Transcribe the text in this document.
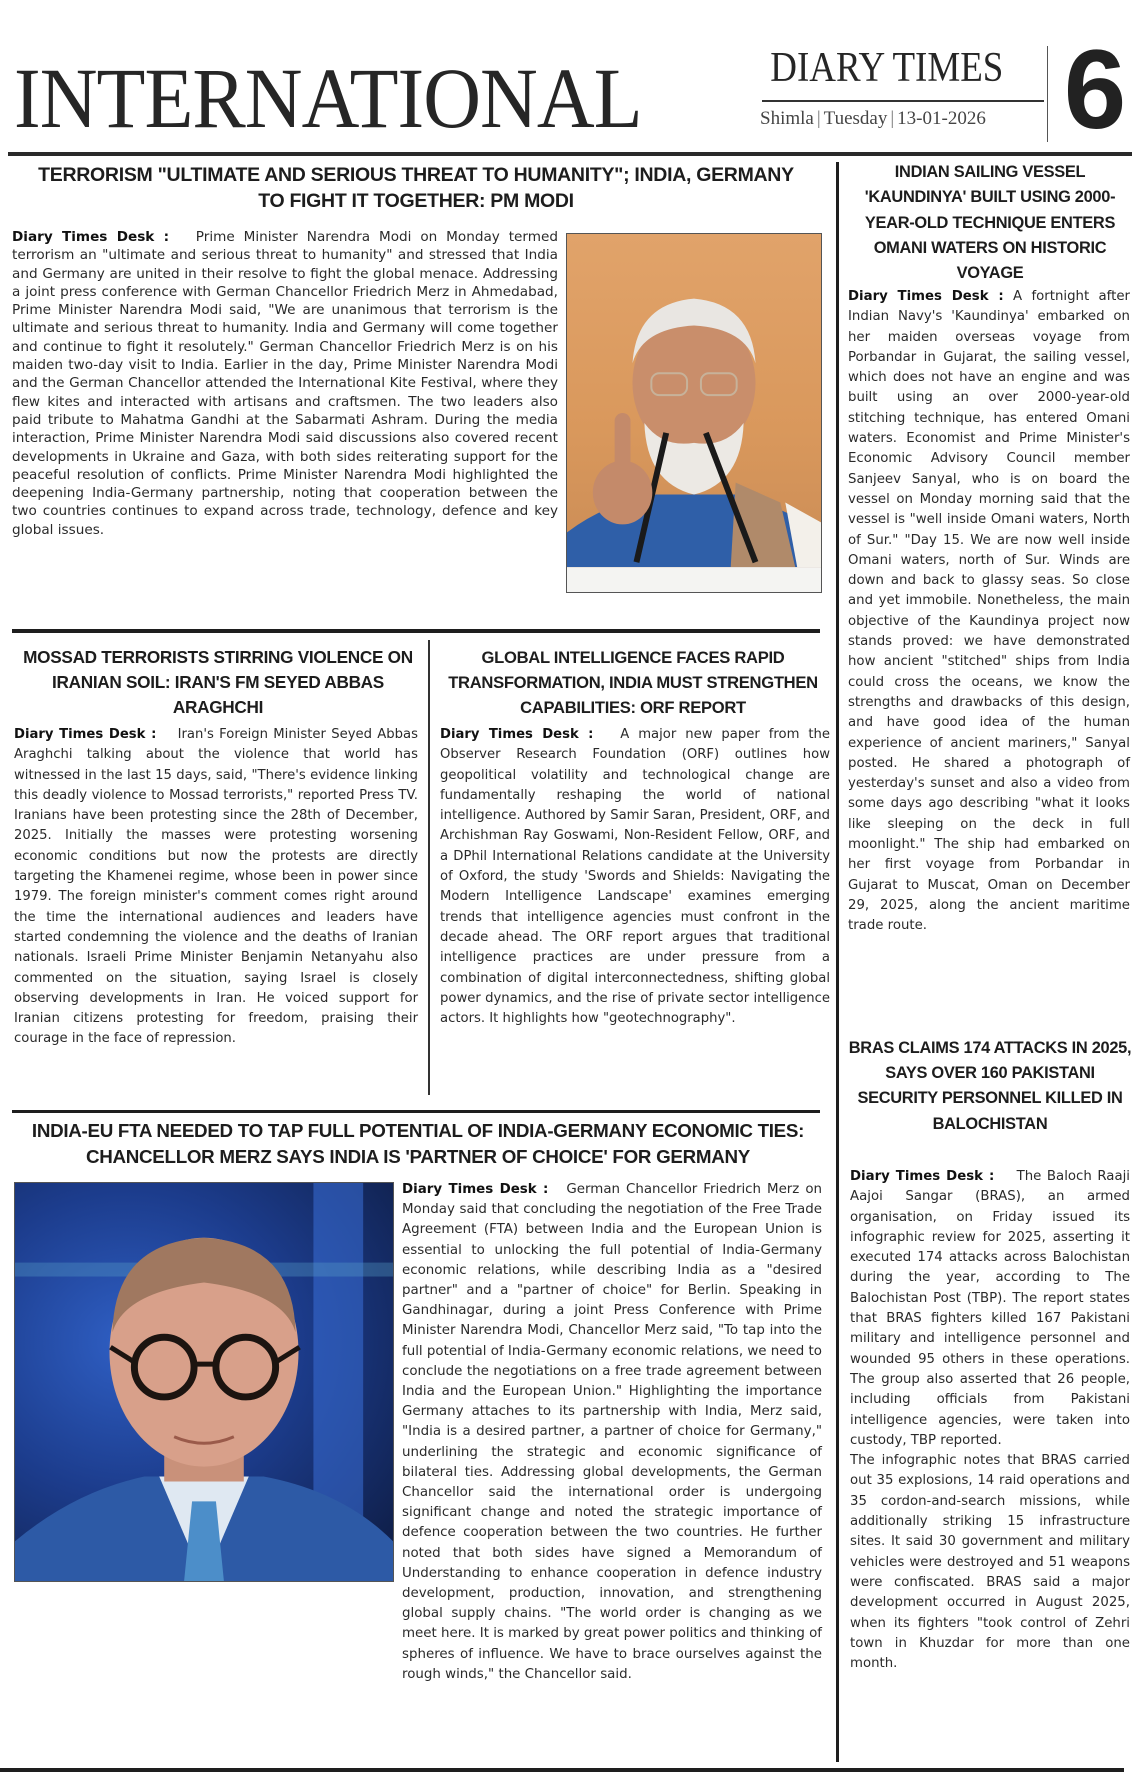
INTERNATIONAL	DIARY TIMES
Shimla | Tuesday | 13-01-2026 6
TERRORISM "ULTIMATE AND SERIOUS THREAT TO HUMANITY"; INDIA, GERMANY TO FIGHT IT TOGETHER: PM MODI
Diary Times Desk : Prime Minister Narendra Modi on Monday termed terrorism an "ultimate and serious threat to humanity" and stressed that India and Germany are united in their resolve to fight the global menace. Addressing a joint press conference with German Chancellor Friedrich Merz in Ahmedabad, Prime Minister Narendra Modi said, "We are unanimous that terrorism is the ultimate and serious threat to humanity. India and Germany will come together and continue to fight it resolutely." German Chancellor Friedrich Merz is on his maiden two-day visit to India. Earlier in the day, Prime Minister Narendra Modi and the German Chancellor attended the International Kite Festival, where they flew kites and interacted with artisans and craftsmen. The two leaders also paid tribute to Mahatma Gandhi at the Sabarmati Ashram. During the media interaction, Prime Minister Narendra Modi said discussions also covered recent developments in Ukraine and Gaza, with both sides reiterating support for the peaceful resolution of conflicts. Prime Minister Narendra Modi highlighted the deepening India-Germany partnership, noting that cooperation between the two countries continues to expand across trade, technology, defence and key global issues.
MOSSAD TERRORISTS STIRRING VIOLENCE ON IRANIAN SOIL: IRAN'S FM SEYED ABBAS ARAGHCHI
Diary Times Desk : Iran's Foreign Minister Seyed Abbas Araghchi talking about the violence that world has witnessed in the last 15 days, said, "There's evidence linking this deadly violence to Mossad terrorists," reported Press TV. Iranians have been protesting since the 28th of December, 2025. Initially the masses were protesting worsening economic conditions but now the protests are directly targeting the Khamenei regime, whose been in power since 1979. The foreign minister's comment comes right around the time the international audiences and leaders have started condemning the violence and the deaths of Iranian nationals. Israeli Prime Minister Benjamin Netanyahu also commented on the situation, saying Israel is closely observing developments in Iran. He voiced support for Iranian citizens protesting for freedom, praising their courage in the face of repression.
GLOBAL INTELLIGENCE FACES RAPID TRANSFORMATION, INDIA MUST STRENGTHEN CAPABILITIES: ORF REPORT
Diary Times Desk : A major new paper from the Observer Research Foundation (ORF) outlines how geopolitical volatility and technological change are fundamentally reshaping the world of national intelligence. Authored by Samir Saran, President, ORF, and Archishman Ray Goswami, Non-Resident Fellow, ORF, and a DPhil International Relations candidate at the University of Oxford, the study 'Swords and Shields: Navigating the Modern Intelligence Landscape' examines emerging trends that intelligence agencies must confront in the decade ahead. The ORF report argues that traditional intelligence practices are under pressure from a combination of digital interconnectedness, shifting global power dynamics, and the rise of private sector intelligence actors. It highlights how "geotechnography".
INDIA-EU FTA NEEDED TO TAP FULL POTENTIAL OF INDIA-GERMANY ECONOMIC TIES: CHANCELLOR MERZ SAYS INDIA IS 'PARTNER OF CHOICE' FOR GERMANY
Diary Times Desk : German Chancellor Friedrich Merz on Monday said that concluding the negotiation of the Free Trade Agreement (FTA) between India and the European Union is essential to unlocking the full potential of India-Germany economic relations, while describing India as a "desired partner" and a "partner of choice" for Berlin. Speaking in Gandhinagar, during a joint Press Conference with Prime Minister Narendra Modi, Chancellor Merz said, "To tap into the full potential of India-Germany economic relations, we need to conclude the negotiations on a free trade agreement between India and the European Union." Highlighting the importance Germany attaches to its partnership with India, Merz said, "India is a desired partner, a partner of choice for Germany," underlining the strategic and economic significance of bilateral ties. Addressing global developments, the German Chancellor said the international order is undergoing significant change and noted the strategic importance of defence cooperation between the two countries. He further noted that both sides have signed a Memorandum of Understanding to enhance cooperation in defence industry development, production, innovation, and strengthening global supply chains. "The world order is changing as we meet here. It is marked by great power politics and thinking of spheres of influence. We have to brace ourselves against the rough winds," the Chancellor said.
INDIAN SAILING VESSEL 'KAUNDINYA' BUILT USING 2000-YEAR-OLD TECHNIQUE ENTERS OMANI WATERS ON HISTORIC VOYAGE
Diary Times Desk : A fortnight after Indian Navy's 'Kaundinya' embarked on her maiden overseas voyage from Porbandar in Gujarat, the sailing vessel, which does not have an engine and was built using an over 2000-year-old stitching technique, has entered Omani waters. Economist and Prime Minister's Economic Advisory Council member Sanjeev Sanyal, who is on board the vessel on Monday morning said that the vessel is "well inside Omani waters, North of Sur." "Day 15. We are now well inside Omani waters, north of Sur. Winds are down and back to glassy seas. So close and yet immobile. Nonetheless, the main objective of the Kaundinya project now stands proved: we have demonstrated how ancient "stitched" ships from India could cross the oceans, we know the strengths and drawbacks of this design, and have good idea of the human experience of ancient mariners," Sanyal posted. He shared a photograph of yesterday's sunset and also a video from some days ago describing "what it looks like sleeping on the deck in full moonlight." The ship had embarked on her first voyage from Porbandar in Gujarat to Muscat, Oman on December 29, 2025, along the ancient maritime trade route.
BRAS CLAIMS 174 ATTACKS IN 2025, SAYS OVER 160 PAKISTANI SECURITY PERSONNEL KILLED IN BALOCHISTAN
Diary Times Desk : The Baloch Raaji Aajoi Sangar (BRAS), an armed organisation, on Friday issued its infographic review for 2025, asserting it executed 174 attacks across Balochistan during the year, according to The Balochistan Post (TBP). The report states that BRAS fighters killed 167 Pakistani military and intelligence personnel and wounded 95 others in these operations. The group also asserted that 26 people, including officials from Pakistani intelligence agencies, were taken into custody, TBP reported.
The infographic notes that BRAS carried out 35 explosions, 14 raid operations and 35 cordon-and-search missions, while additionally striking 15 infrastructure sites. It said 30 government and military vehicles were destroyed and 51 weapons were confiscated. BRAS said a major development occurred in August 2025, when its fighters "took control of Zehri town in Khuzdar for more than one month.
